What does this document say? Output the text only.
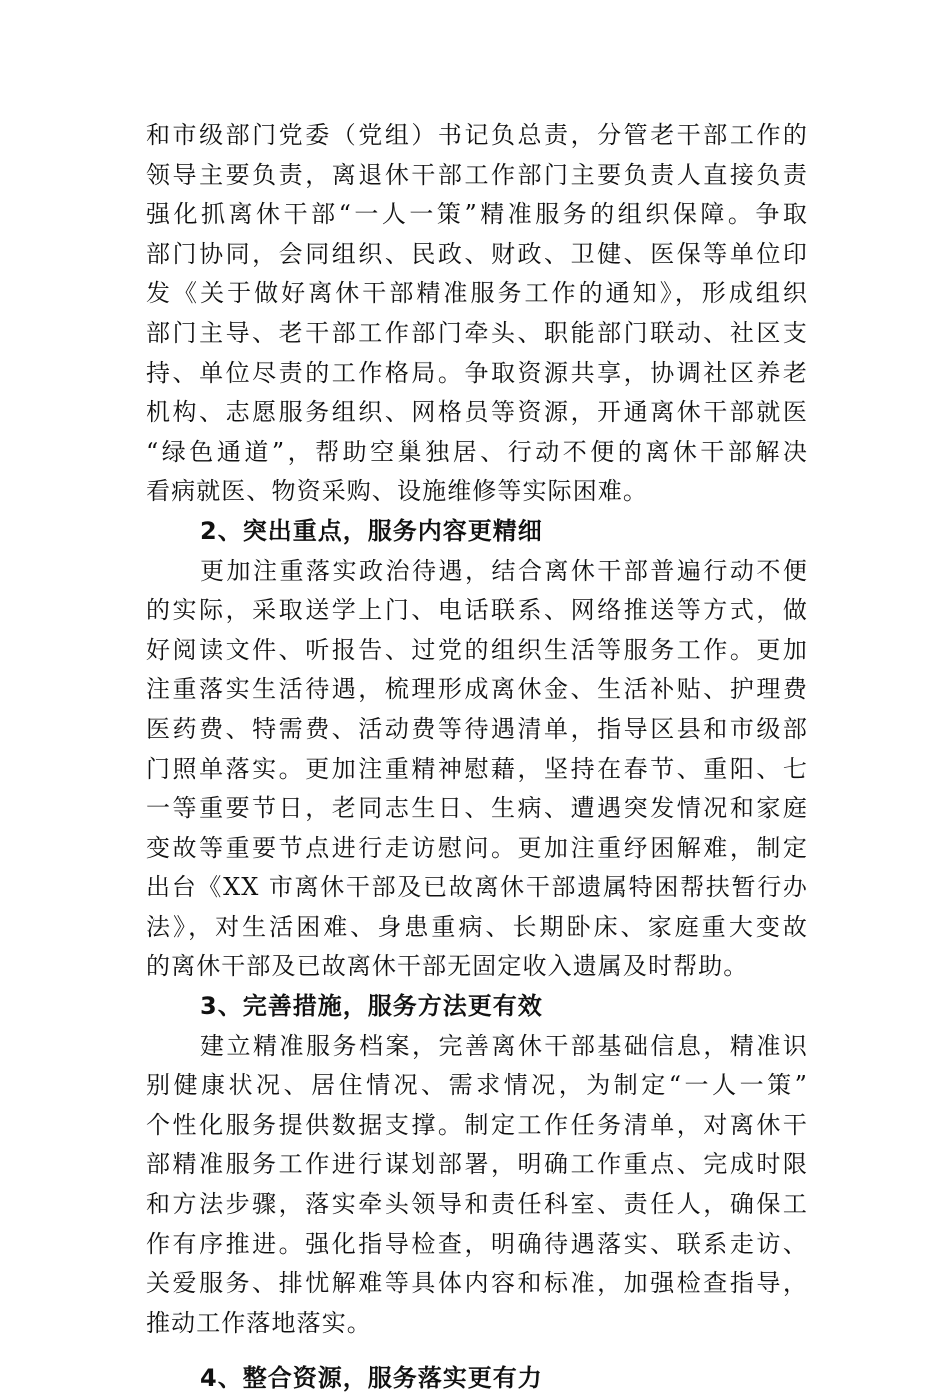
和市级部门党委（党组）书记负总责，分管老干部工作的
领导主要负责，离退休干部工作部门主要负责人直接负责
强化抓离休干部“一人一策”精准服务的组织保障。争取
部门协同，会同组织、民政、财政、卫健、医保等单位印
发《关于做好离休干部精准服务工作的通知》，形成组织
部门主导、老干部工作部门牵头、职能部门联动、社区支
持、单位尽责的工作格局。争取资源共享，协调社区养老
机构、志愿服务组织、网格员等资源，开通离休干部就医
“绿色通道”，帮助空巢独居、行动不便的离休干部解决
看病就医、物资采购、设施维修等实际困难。
2、突出重点，服务内容更精细
更加注重落实政治待遇，结合离休干部普遍行动不便
的实际，采取送学上门、电话联系、网络推送等方式，做
好阅读文件、听报告、过党的组织生活等服务工作。更加
注重落实生活待遇，梳理形成离休金、生活补贴、护理费
医药费、特需费、活动费等待遇清单，指导区县和市级部
门照单落实。更加注重精神慰藉，坚持在春节、重阳、七
一等重要节日，老同志生日、生病、遭遇突发情况和家庭
变故等重要节点进行走访慰问。更加注重纾困解难，制定
出台《XX 市离休干部及已故离休干部遗属特困帮扶暂行办
法》，对生活困难、身患重病、长期卧床、家庭重大变故
的离休干部及已故离休干部无固定收入遗属及时帮助。
3、完善措施，服务方法更有效
建立精准服务档案，完善离休干部基础信息，精准识
别健康状况、居住情况、需求情况，为制定“一人一策”
个性化服务提供数据支撑。制定工作任务清单，对离休干
部精准服务工作进行谋划部署，明确工作重点、完成时限
和方法步骤，落实牵头领导和责任科室、责任人，确保工
作有序推进。强化指导检查，明确待遇落实、联系走访、
关爱服务、排忧解难等具体内容和标准，加强检查指导，
推动工作落地落实。
4、整合资源，服务落实更有力
